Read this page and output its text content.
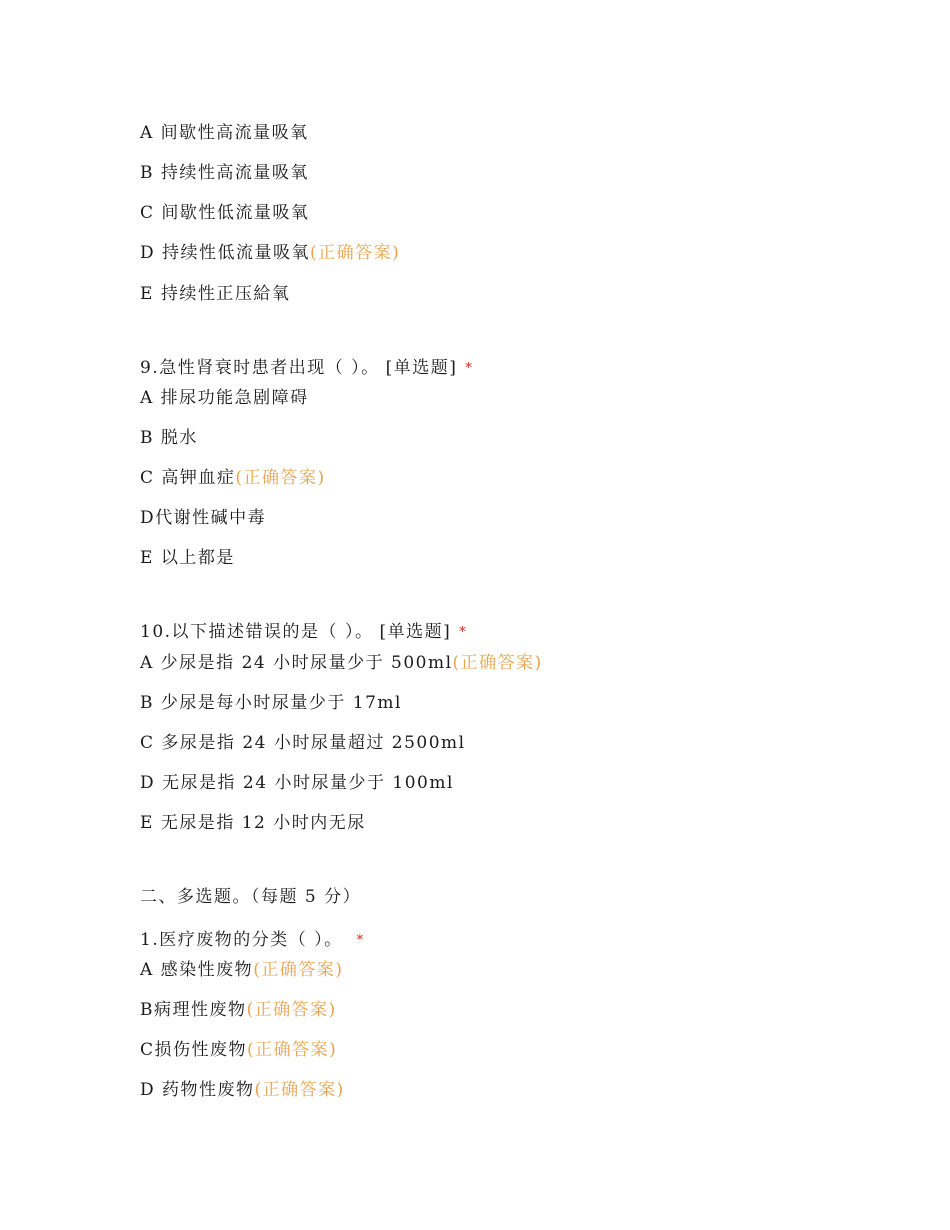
A 间歇性高流量吸氧
B 持续性高流量吸氧
C 间歇性低流量吸氧
D 持续性低流量吸氧(正确答案)
E 持续性正压給氧
9.急性肾衰时患者出现（ ）。 [单选题] *
A 排尿功能急剧障碍
B 脱水
C 高钾血症(正确答案)
D代谢性碱中毒
E 以上都是
10.以下描述错误的是（ ）。 [单选题] *
A 少尿是指 24 小时尿量少于 500ml(正确答案)
B 少尿是每小时尿量少于 17ml
C 多尿是指 24 小时尿量超过 2500ml
D 无尿是指 24 小时尿量少于 100ml
E 无尿是指 12 小时内无尿
二、多选题。（每题 5 分）
1.医疗废物的分类（ ）。 *
A 感染性废物(正确答案)
B病理性废物(正确答案)
C损伤性废物(正确答案)
D 药物性废物(正确答案)
